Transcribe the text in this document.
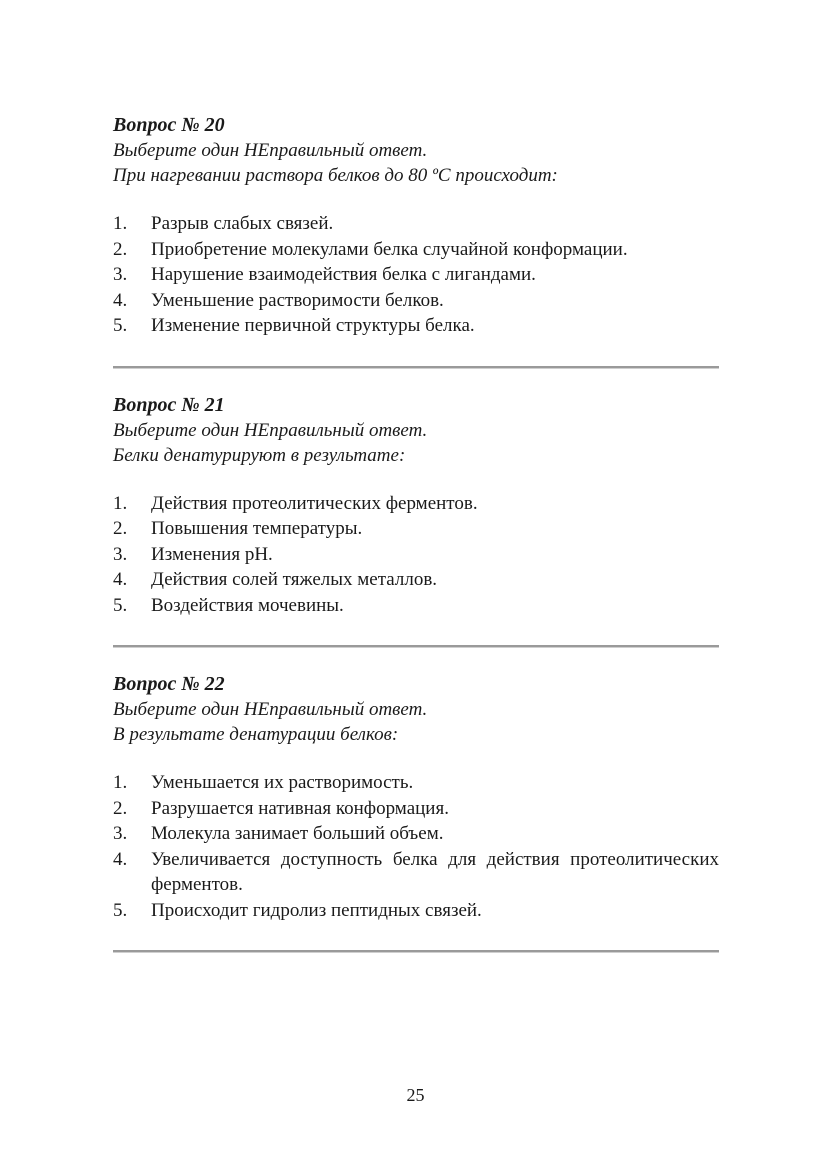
Вопрос № 20

Выберите один НЕправильный ответ.

При нагревании раствора белков до 80 ºС происходит:

1.	Разрыв слабых связей.
2.	Приобретение молекулами белка случайной конформации.
3.	Нарушение взаимодействия белка с лигандами.
4.	Уменьшение растворимости белков.
5.	Изменение первичной структуры белка.

Вопрос № 21

Выберите один НЕправильный ответ.

Белки денатурируют в результате:

1.	Действия протеолитических ферментов.
2.	Повышения температуры.
3.	Изменения рН.
4.	Действия солей тяжелых металлов.
5.	Воздействия мочевины.

Вопрос № 22

Выберите один НЕправильный ответ.

В результате денатурации белков:

1.	Уменьшается их растворимость.
2.	Разрушается нативная конформация.
3.	Молекула занимает больший объем.
4.	Увеличивается доступность белка для действия протеолитических ферментов.
5.	Происходит гидролиз пептидных связей.
25
